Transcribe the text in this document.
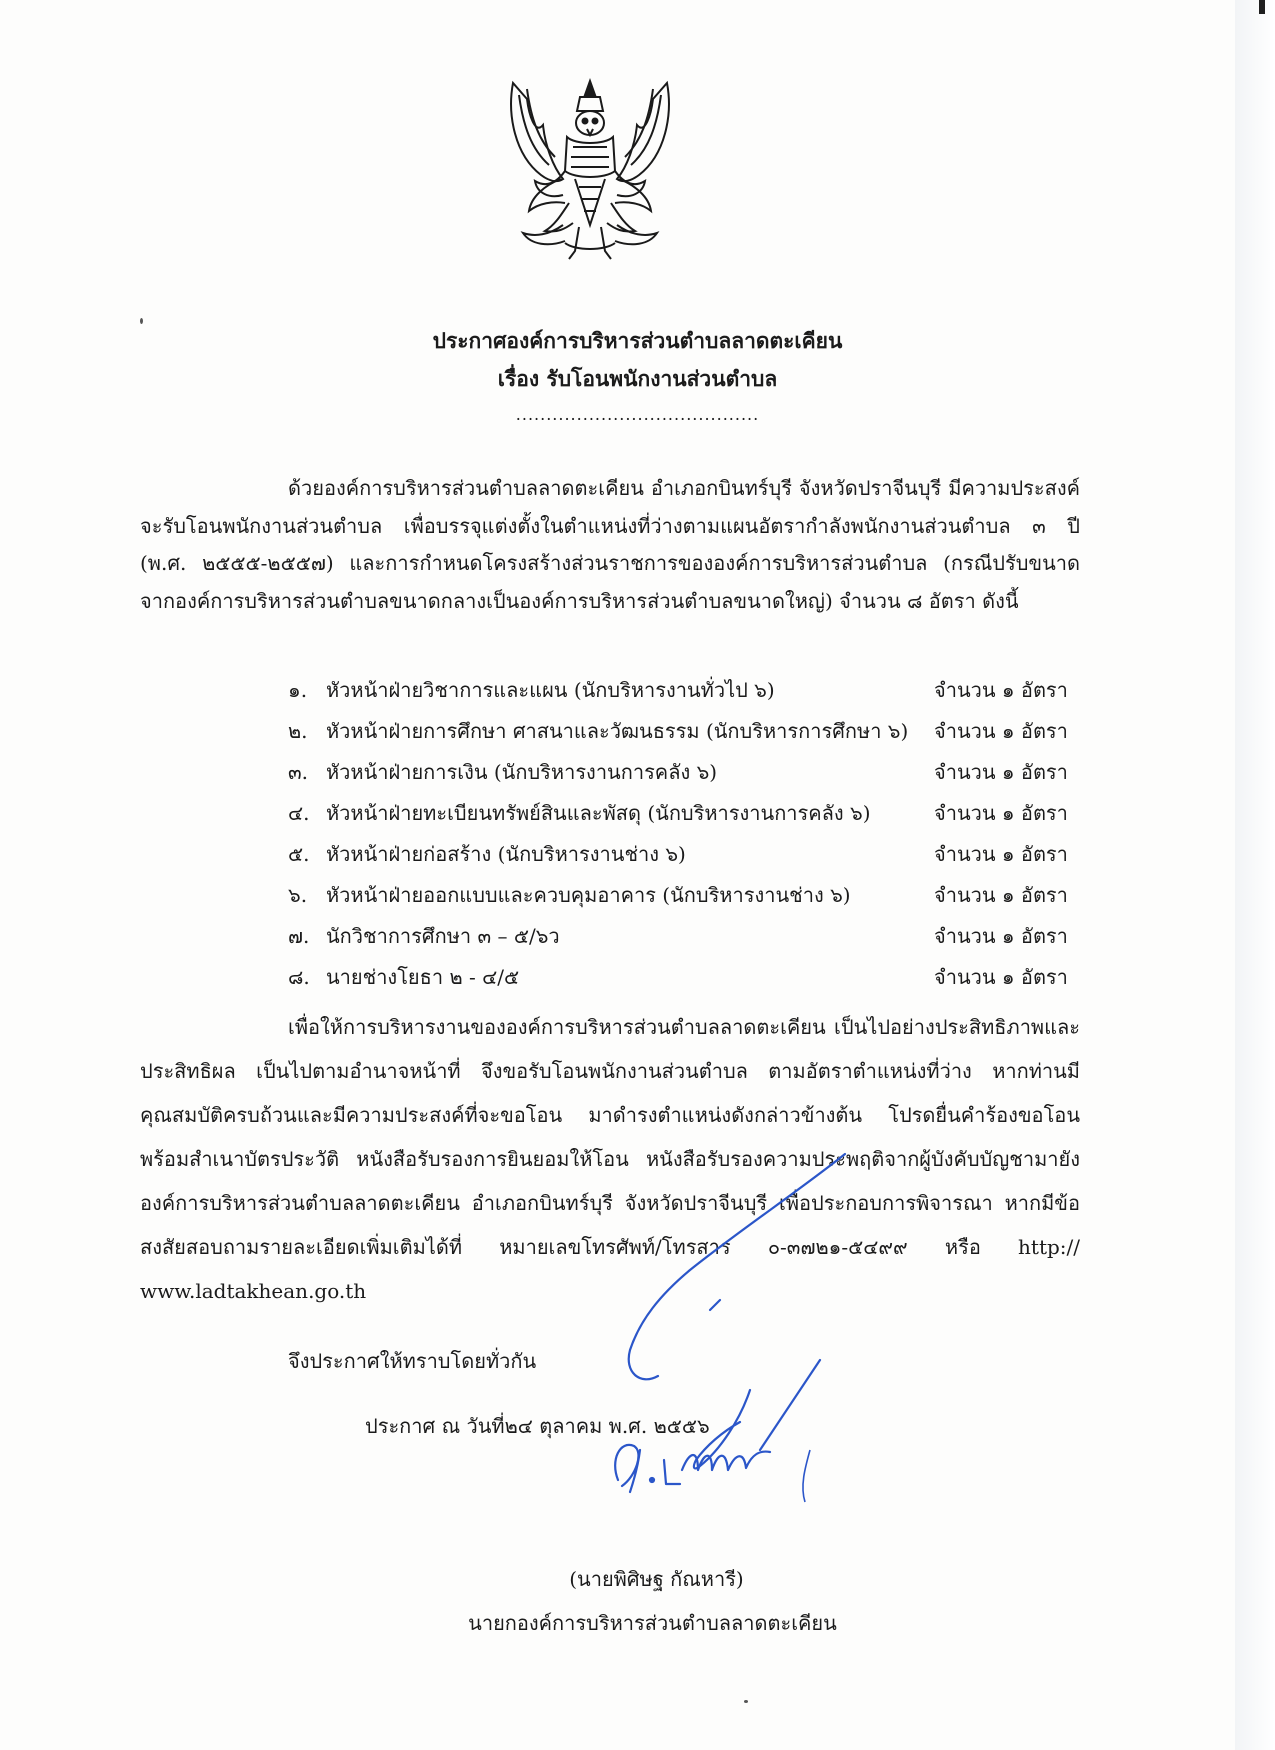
ประกาศองค์การบริหารส่วนตำบลลาดตะเคียน

เรื่อง รับโอนพนักงานส่วนตำบล

........................................

ด้วยองค์การบริหารส่วนตำบลลาดตะเคียน อำเภอกบินทร์บุรี จังหวัดปราจีนบุรี มีความประสงค์จะรับโอนพนักงานส่วนตำบล เพื่อบรรจุแต่งตั้งในตำแหน่งที่ว่างตามแผนอัตรากำลังพนักงานส่วนตำบล ๓ ปี (พ.ศ. ๒๕๕๕-๒๕๕๗) และการกำหนดโครงสร้างส่วนราชการขององค์การบริหารส่วนตำบล (กรณีปรับขนาดจากองค์การบริหารส่วนตำบลขนาดกลางเป็นองค์การบริหารส่วนตำบลขนาดใหญ่) จำนวน ๘ อัตรา ดังนี้

๑. หัวหน้าฝ่ายวิชาการและแผน (นักบริหารงานทั่วไป ๖)	จำนวน ๑ อัตรา
๒. หัวหน้าฝ่ายการศึกษา ศาสนาและวัฒนธรรม (นักบริหารการศึกษา ๖) จำนวน ๑ อัตรา
๓. หัวหน้าฝ่ายการเงิน (นักบริหารงานการคลัง ๖)	จำนวน ๑ อัตรา
๔. หัวหน้าฝ่ายทะเบียนทรัพย์สินและพัสดุ (นักบริหารงานการคลัง ๖)	จำนวน ๑ อัตรา
๕. หัวหน้าฝ่ายก่อสร้าง (นักบริหารงานช่าง ๖)	จำนวน ๑ อัตรา
๖. หัวหน้าฝ่ายออกแบบและควบคุมอาคาร (นักบริหารงานช่าง ๖)	จำนวน ๑ อัตรา
๗. นักวิชาการศึกษา ๓ – ๕/๖ว	จำนวน ๑ อัตรา
๘. นายช่างโยธา ๒ - ๔/๕	จำนวน ๑ อัตรา

เพื่อให้การบริหารงานขององค์การบริหารส่วนตำบลลาดตะเคียน เป็นไปอย่างประสิทธิภาพและประสิทธิผล เป็นไปตามอำนาจหน้าที่ จึงขอรับโอนพนักงานส่วนตำบล ตามอัตราตำแหน่งที่ว่าง หากท่านมีคุณสมบัติครบถ้วนและมีความประสงค์ที่จะขอโอน มาดำรงตำแหน่งดังกล่าวข้างต้น โปรดยื่นคำร้องขอโอนพร้อมสำเนาบัตรประวัติ หนังสือรับรองการยินยอมให้โอน หนังสือรับรองความประพฤติจากผู้บังคับบัญชามายังองค์การบริหารส่วนตำบลลาดตะเคียน อำเภอกบินทร์บุรี จังหวัดปราจีนบุรี เพื่อประกอบการพิจารณา หากมีข้อสงสัยสอบถามรายละเอียดเพิ่มเติมได้ที่ หมายเลขโทรศัพท์/โทรสาร ๐-๓๗๒๑-๕๔๙๙ หรือ http:// www.ladtakhean.go.th

จึงประกาศให้ทราบโดยทั่วกัน

ประกาศ ณ วันที่๒๔ ตุลาคม พ.ศ. ๒๕๕๖

(นายพิศิษฐ กัณหารี)

นายกองค์การบริหารส่วนตำบลลาดตะเคียน
